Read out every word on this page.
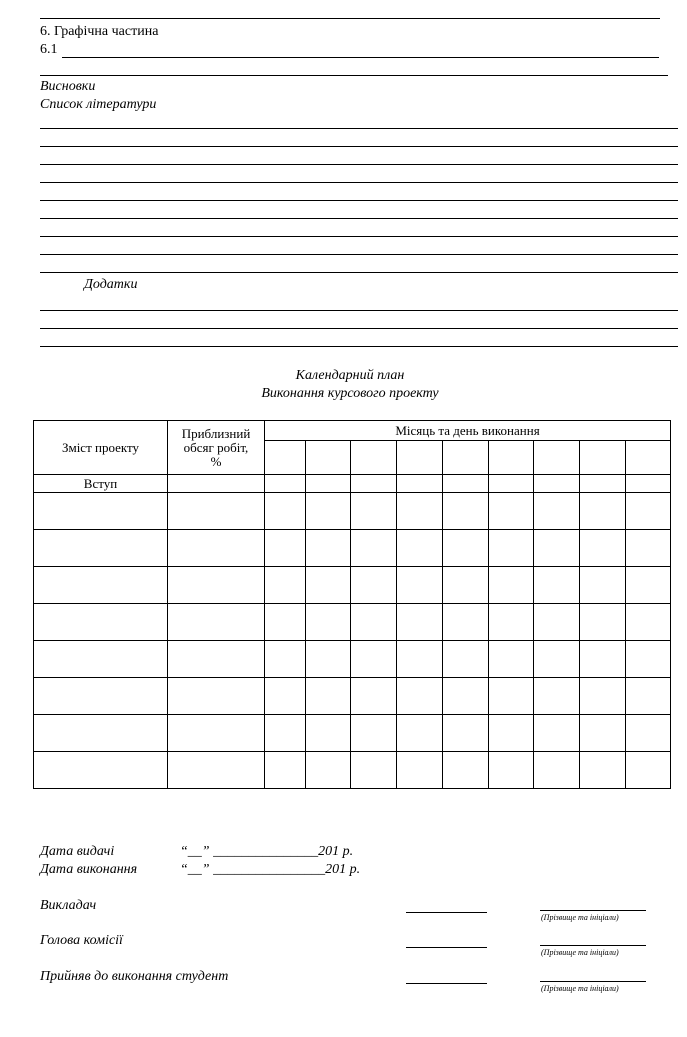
6. Графічна частина
6.1
Висновки
Список літератури
Додатки
Календарний план
Виконання курсового проекту
Зміст проекту	Приблизний обсяг робіт, %	Місяць та день виконання								

Вступ										

Дата видачі	“__” _______________201 р.
Дата виконання	“__” ________________201 р.
Викладач
(Прізвище та ініціали)
Голова комісії
(Прізвище та ініціали)
Прийняв до виконання студент
(Прізвище та ініціали)
